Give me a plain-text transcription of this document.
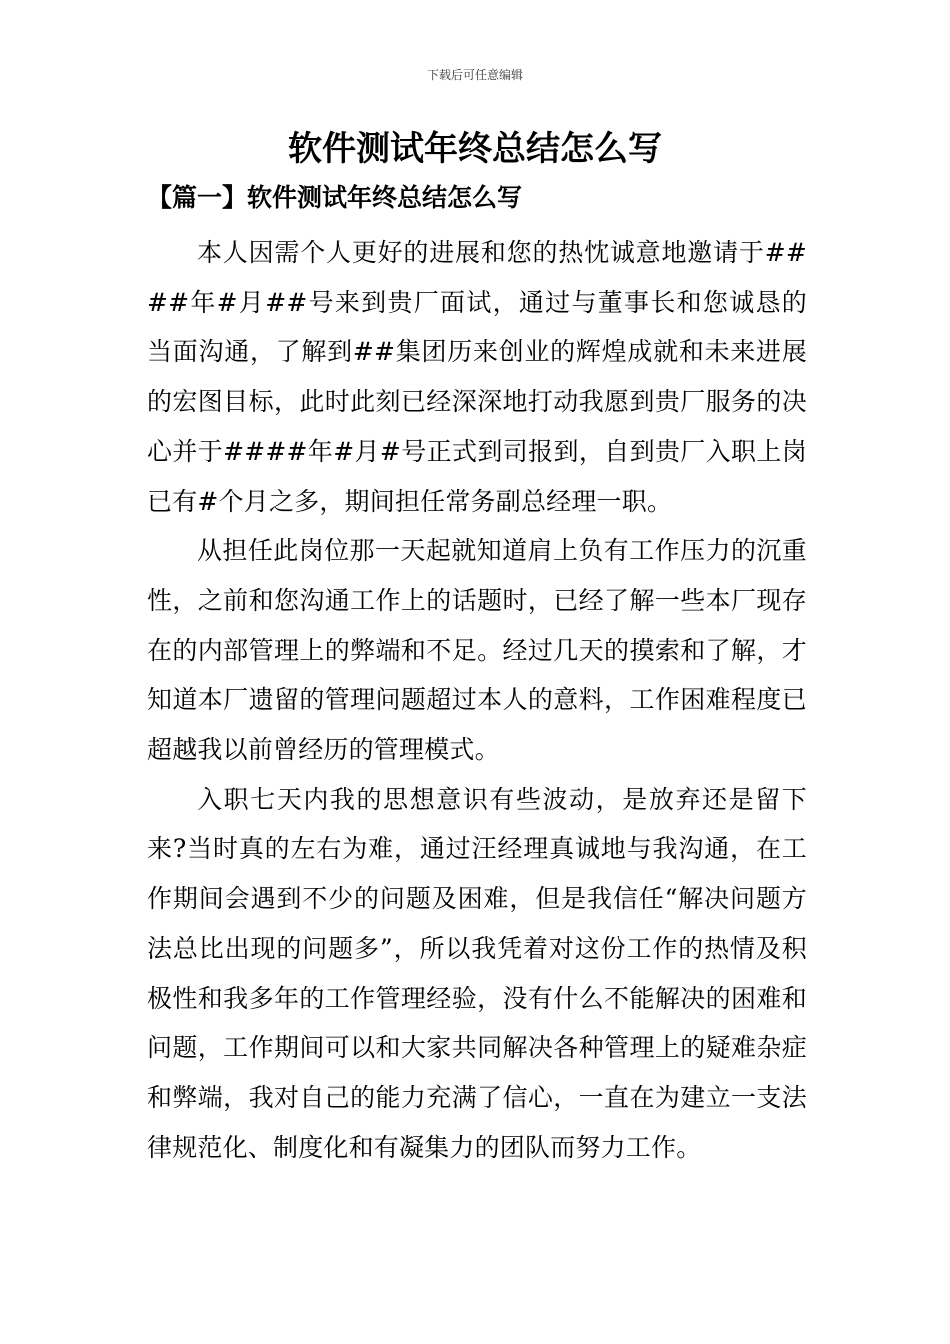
下载后可任意编辑
软件测试年终总结怎么写
【篇一】软件测试年终总结怎么写

本人因需个人更好的进展和您的热忱诚意地邀请于####年#月##号来到贵厂面试，通过与董事长和您诚恳的当面沟通，了解到##集团历来创业的辉煌成就和未来进展的宏图目标，此时此刻已经深深地打动我愿到贵厂服务的决心并于####年#月#号正式到司报到，自到贵厂入职上岗已有#个月之多，期间担任常务副总经理一职。

从担任此岗位那一天起就知道肩上负有工作压力的沉重性，之前和您沟通工作上的话题时，已经了解一些本厂现存在的内部管理上的弊端和不足。经过几天的摸索和了解，才知道本厂遗留的管理问题超过本人的意料，工作困难程度已超越我以前曾经历的管理模式。

入职七天内我的思想意识有些波动，是放弃还是留下来?当时真的左右为难，通过汪经理真诚地与我沟通，在工作期间会遇到不少的问题及困难，但是我信任“解决问题方法总比出现的问题多”，所以我凭着对这份工作的热情及积极性和我多年的工作管理经验，没有什么不能解决的困难和问题，工作期间可以和大家共同解决各种管理上的疑难杂症和弊端，我对自己的能力充满了信心，一直在为建立一支法律规范化、制度化和有凝集力的团队而努力工作。
